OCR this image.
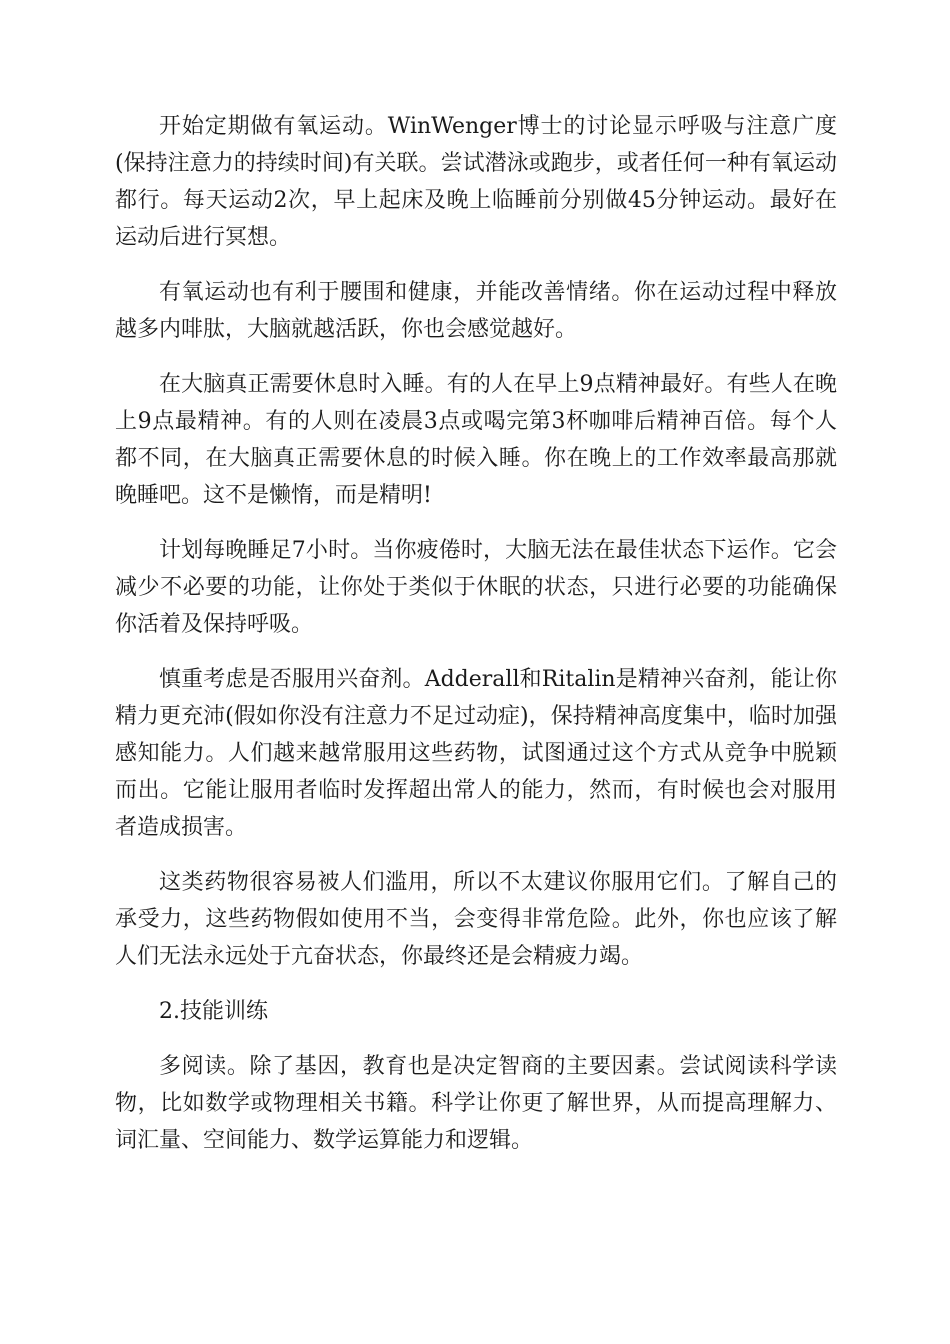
开始定期做有氧运动。WinWenger博士的讨论显示呼吸与注意广度(保持注意力的持续时间)有关联。尝试潜泳或跑步，或者任何一种有氧运动都行。每天运动2次，早上起床及晚上临睡前分别做45分钟运动。最好在运动后进行冥想。

有氧运动也有利于腰围和健康，并能改善情绪。你在运动过程中释放越多内啡肽，大脑就越活跃，你也会感觉越好。

在大脑真正需要休息时入睡。有的人在早上9点精神最好。有些人在晚上9点最精神。有的人则在凌晨3点或喝完第3杯咖啡后精神百倍。每个人都不同，在大脑真正需要休息的时候入睡。你在晚上的工作效率最高那就晚睡吧。这不是懒惰，而是精明!

计划每晚睡足7小时。当你疲倦时，大脑无法在最佳状态下运作。它会减少不必要的功能，让你处于类似于休眠的状态，只进行必要的功能确保你活着及保持呼吸。

慎重考虑是否服用兴奋剂。Adderall和Ritalin是精神兴奋剂，能让你精力更充沛(假如你没有注意力不足过动症)，保持精神高度集中，临时加强感知能力。人们越来越常服用这些药物，试图通过这个方式从竞争中脱颖而出。它能让服用者临时发挥超出常人的能力，然而，有时候也会对服用者造成损害。

这类药物很容易被人们滥用，所以不太建议你服用它们。了解自己的承受力，这些药物假如使用不当，会变得非常危险。此外，你也应该了解人们无法永远处于亢奋状态，你最终还是会精疲力竭。

2.技能训练

多阅读。除了基因，教育也是决定智商的主要因素。尝试阅读科学读物，比如数学或物理相关书籍。科学让你更了解世界，从而提高理解力、词汇量、空间能力、数学运算能力和逻辑。
